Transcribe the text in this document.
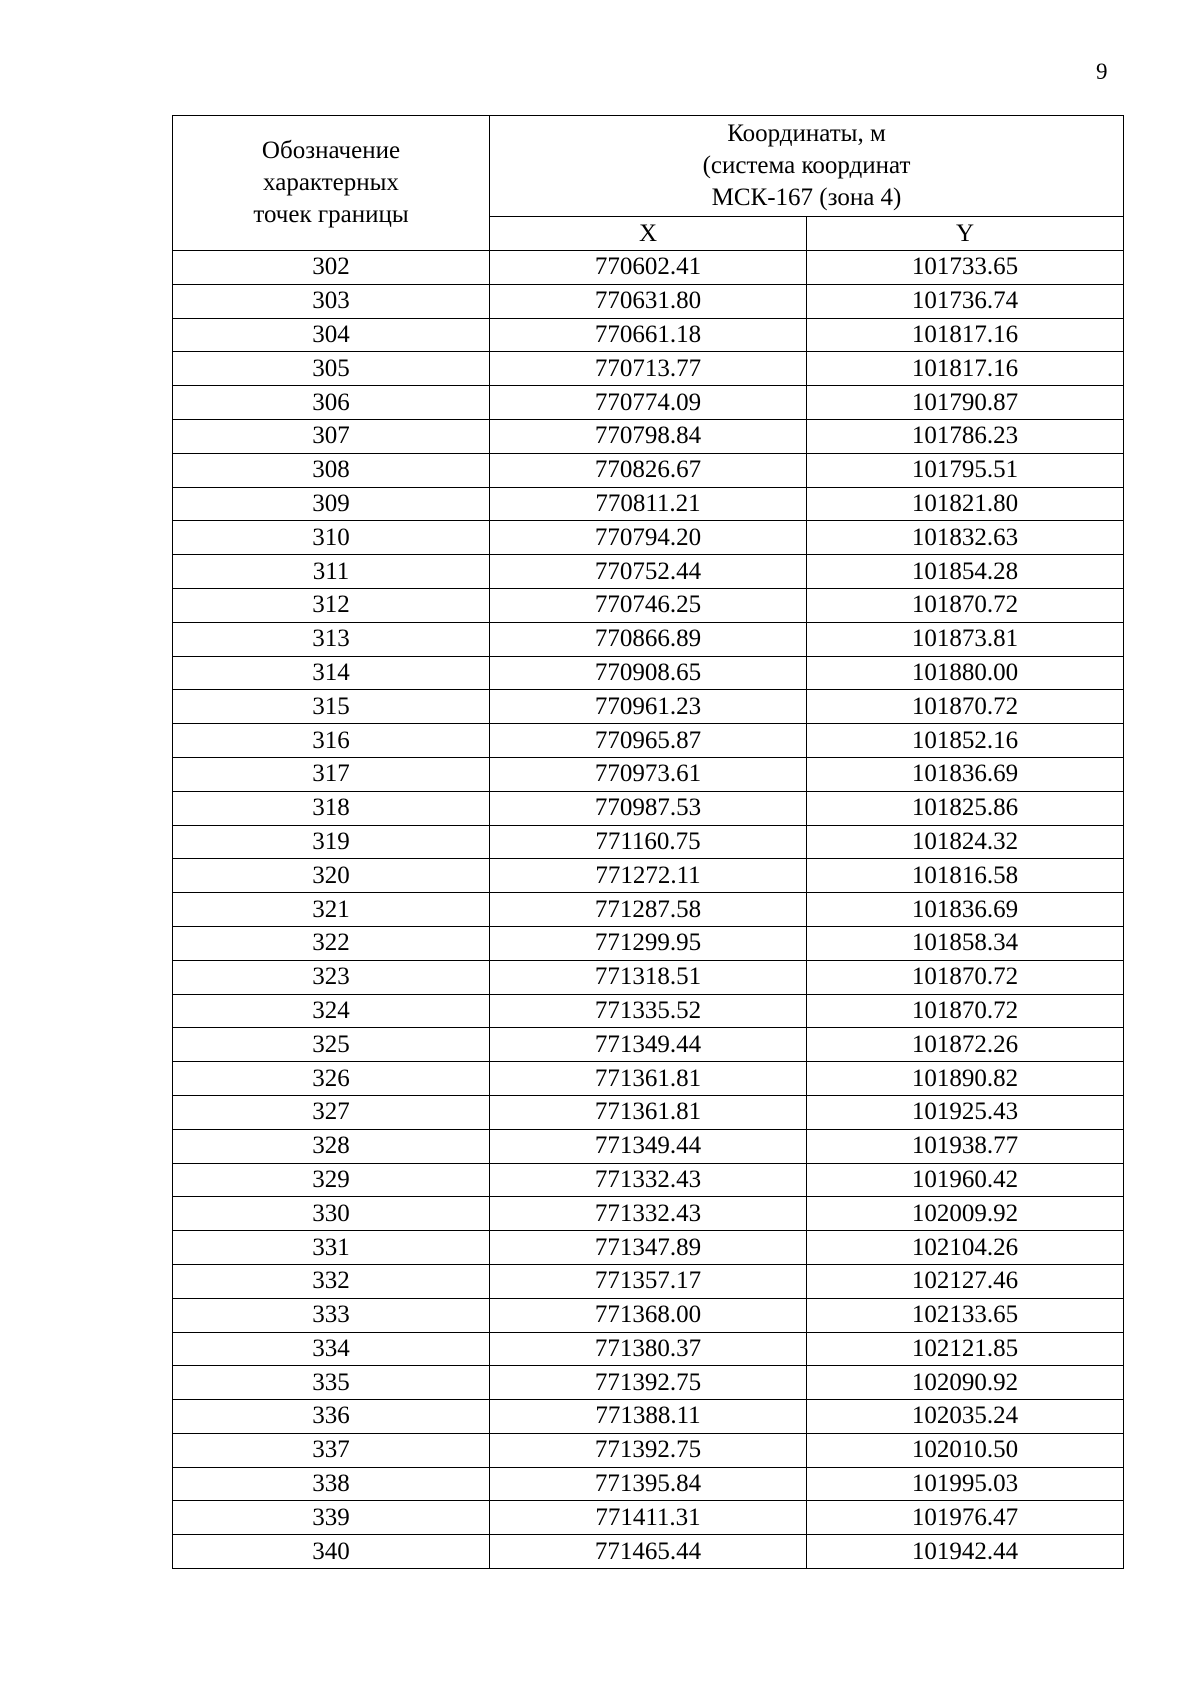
9
Обозначение
характерных
точек границы	Координаты, м
(система координат
МСК-167 (зона 4)	

	X	Y
302	770602.41	101733.65
303	770631.80	101736.74
304	770661.18	101817.16
305	770713.77	101817.16
306	770774.09	101790.87
307	770798.84	101786.23
308	770826.67	101795.51
309	770811.21	101821.80
310	770794.20	101832.63
311	770752.44	101854.28
312	770746.25	101870.72
313	770866.89	101873.81
314	770908.65	101880.00
315	770961.23	101870.72
316	770965.87	101852.16
317	770973.61	101836.69
318	770987.53	101825.86
319	771160.75	101824.32
320	771272.11	101816.58
321	771287.58	101836.69
322	771299.95	101858.34
323	771318.51	101870.72
324	771335.52	101870.72
325	771349.44	101872.26
326	771361.81	101890.82
327	771361.81	101925.43
328	771349.44	101938.77
329	771332.43	101960.42
330	771332.43	102009.92
331	771347.89	102104.26
332	771357.17	102127.46
333	771368.00	102133.65
334	771380.37	102121.85
335	771392.75	102090.92
336	771388.11	102035.24
337	771392.75	102010.50
338	771395.84	101995.03
339	771411.31	101976.47
340	771465.44	101942.44
